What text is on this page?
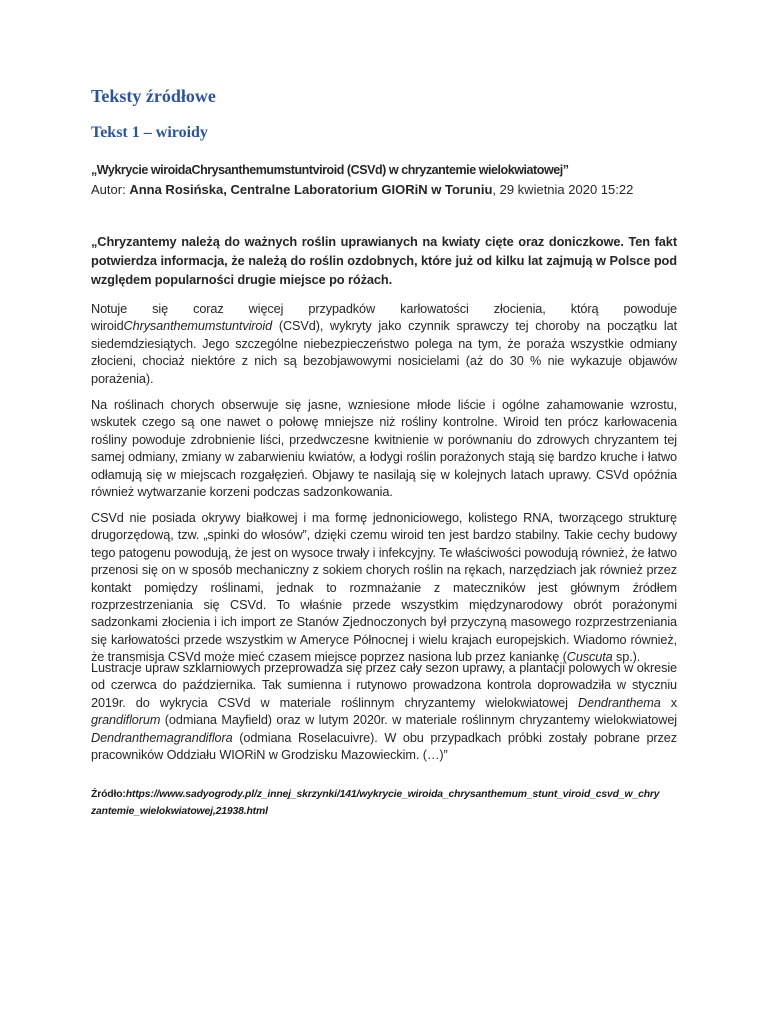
Teksty źródłowe
Tekst 1 – wiroidy
„Wykrycie wiroidaChrysanthemumstuntviroid (CSVd) w chryzantemie wielokwiatowej”
Autor: Anna Rosińska, Centralne Laboratorium GIORiN w Toruniu, 29 kwietnia 2020 15:22
„Chryzantemy należą do ważnych roślin uprawianych na kwiaty cięte oraz doniczkowe. Ten fakt potwierdza informacja, że należą do roślin ozdobnych, które już od kilku lat zajmują w Polsce pod względem popularności drugie miejsce po różach.
Notuje się coraz więcej przypadków karłowatości złocienia, którą powoduje wiroidChrysanthemumstuntviroid (CSVd), wykryty jako czynnik sprawczy tej choroby na początku lat siedemdziesiątych. Jego szczególne niebezpieczeństwo polega na tym, że poraża wszystkie odmiany złocieni, chociaż niektóre z nich są bezobjawowymi nosicielami (aż do 30 % nie wykazuje objawów porażenia).
Na roślinach chorych obserwuje się jasne, wzniesione młode liście i ogólne zahamowanie wzrostu, wskutek czego są one nawet o połowę mniejsze niż rośliny kontrolne. Wiroid ten prócz karłowacenia rośliny powoduje zdrobnienie liści, przedwczesne kwitnienie w porównaniu do zdrowych chryzantem tej samej odmiany, zmiany w zabarwieniu kwiatów, a łodygi roślin porażonych stają się bardzo kruche i łatwo odłamują się w miejscach rozgałęzień. Objawy te nasilają się w kolejnych latach uprawy. CSVd opóźnia również wytwarzanie korzeni podczas sadzonkowania.
CSVd nie posiada okrywy białkowej i ma formę jednoniciowego, kolistego RNA, tworzącego strukturę drugorzędową, tzw. „spinki do włosów”, dzięki czemu wiroid ten jest bardzo stabilny. Takie cechy budowy tego patogenu powodują, że jest on wysoce trwały i infekcyjny. Te właściwości powodują również, że łatwo przenosi się on w sposób mechaniczny z sokiem chorych roślin na rękach, narzędziach jak również przez kontakt pomiędzy roślinami, jednak to rozmnażanie z mateczników jest głównym źródłem rozprzestrzeniania się CSVd. To właśnie przede wszystkim międzynarodowy obrót porażonymi sadzonkami złocienia i ich import ze Stanów Zjednoczonych był przyczyną masowego rozprzestrzeniania się karłowatości przede wszystkim w Ameryce Północnej i wielu krajach europejskich. Wiadomo również, że transmisja CSVd może mieć czasem miejsce poprzez nasiona lub przez kaniankę (Cuscuta sp.).
Lustracje upraw szklarniowych przeprowadza się przez cały sezon uprawy, a plantacji polowych w okresie od czerwca do października. Tak sumienna i rutynowo prowadzona kontrola doprowadziła w styczniu 2019r. do wykrycia CSVd w materiale roślinnym chryzantemy wielokwiatowej Dendranthema x grandiflorum (odmiana Mayfield) oraz w lutym 2020r. w materiale roślinnym chryzantemy wielokwiatowej Dendranthemagrandiflora (odmiana Roselacuivre). W obu przypadkach próbki zostały pobrane przez pracowników Oddziału WIORiN w Grodzisku Mazowieckim. (…)”
Źródło:https://www.sadyogrody.pl/z_innej_skrzynki/141/wykrycie_wiroida_chrysanthemum_stunt_viroid_csvd_w_chry
zantemie_wielokwiatowej,21938.html
